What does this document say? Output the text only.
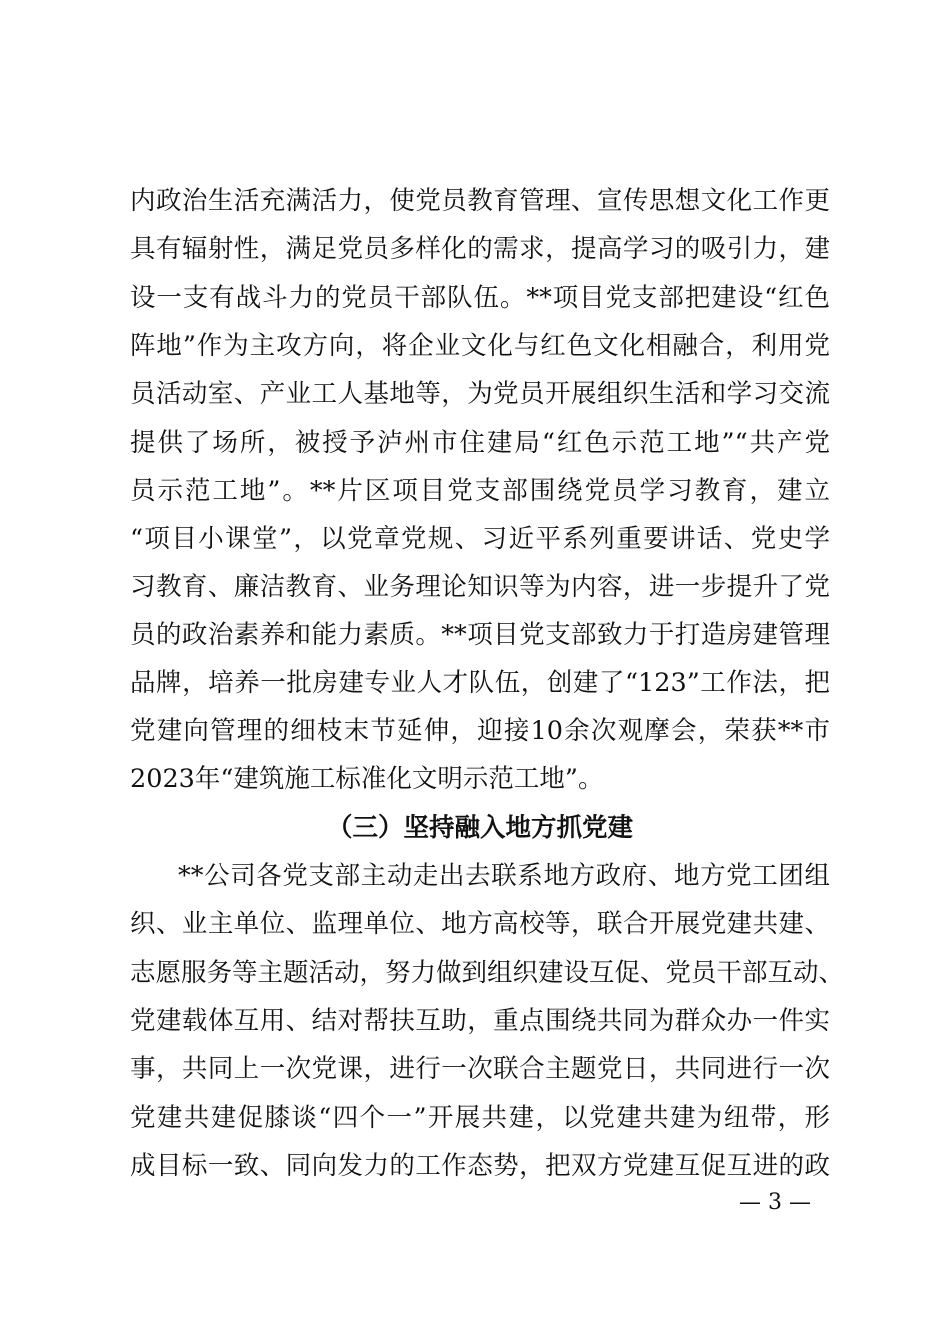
内政治生活充满活力，使党员教育管理、宣传思想文化工作更
具有辐射性，满足党员多样化的需求，提高学习的吸引力，建
设一支有战斗力的党员干部队伍。**项目党支部把建设“红色
阵地”作为主攻方向，将企业文化与红色文化相融合，利用党
员活动室、产业工人基地等，为党员开展组织生活和学习交流
提供了场所，被授予泸州市住建局“红色示范工地”“共产党
员示范工地”。**片区项目党支部围绕党员学习教育，建立
“项目小课堂”，以党章党规、习近平系列重要讲话、党史学
习教育、廉洁教育、业务理论知识等为内容，进一步提升了党
员的政治素养和能力素质。**项目党支部致力于打造房建管理
品牌，培养一批房建专业人才队伍，创建了“123”工作法，把
党建向管理的细枝末节延伸，迎接10余次观摩会，荣获**市
2023年“建筑施工标准化文明示范工地”。
（三）坚持融入地方抓党建
**公司各党支部主动走出去联系地方政府、地方党工团组
织、业主单位、监理单位、地方高校等，联合开展党建共建、
志愿服务等主题活动，努力做到组织建设互促、党员干部互动、
党建载体互用、结对帮扶互助，重点围绕共同为群众办一件实
事，共同上一次党课，进行一次联合主题党日，共同进行一次
党建共建促膝谈“四个一”开展共建，以党建共建为纽带，形
成目标一致、同向发力的工作态势，把双方党建互促互进的政
— 3 —
